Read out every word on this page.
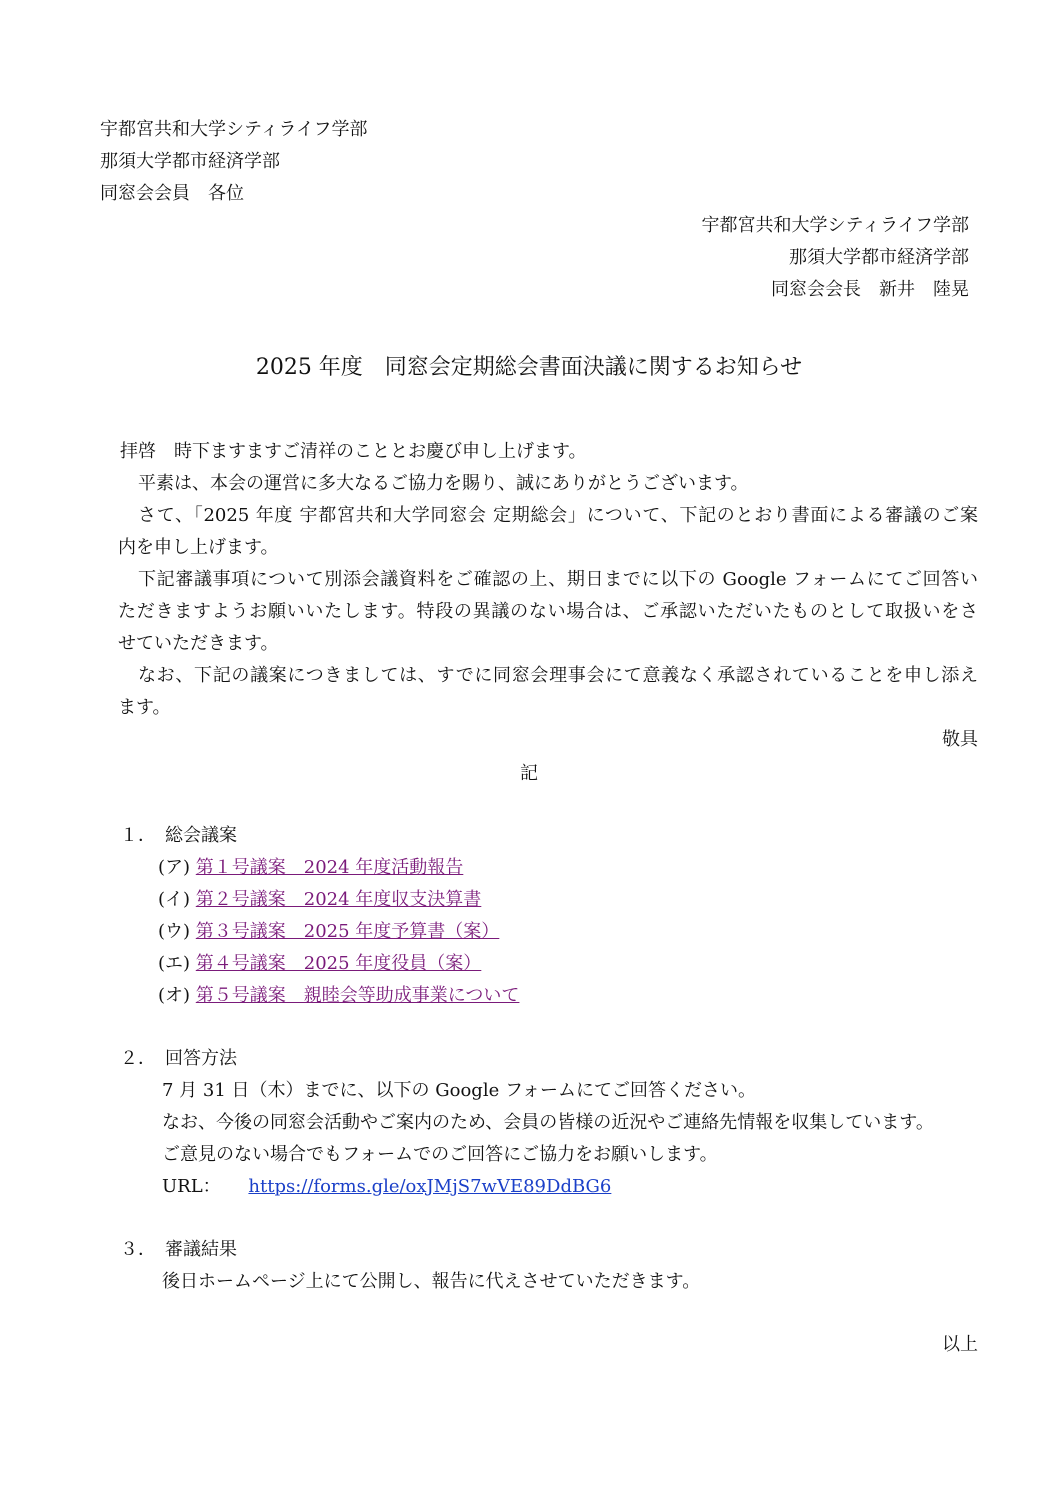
宇都宮共和大学シティライフ学部
那須大学都市経済学部
同窓会会員　各位
宇都宮共和大学シティライフ学部
那須大学都市経済学部
同窓会会長　新井　陸晃
2025 年度　同窓会定期総会書面決議に関するお知らせ
拝啓　時下ますますご清祥のこととお慶び申し上げます。
平素は、本会の運営に多大なるご協力を賜り、誠にありがとうございます。
さて、「2025 年度 宇都宮共和大学同窓会 定期総会」について、下記のとおり書面による審議のご案
内を申し上げます。
下記審議事項について別添会議資料をご確認の上、期日までに以下の Google フォームにてご回答い
ただきますようお願いいたします。特段の異議のない場合は、ご承認いただいたものとして取扱いをさ
せていただきます。
なお、下記の議案につきましては、すでに同窓会理事会にて意義なく承認されていることを申し添え
ます。
敬具
記
１．　総会議案
(ア) 第１号議案　2024 年度活動報告
(イ) 第２号議案　2024 年度収支決算書
(ウ) 第３号議案　2025 年度予算書（案）
(エ) 第４号議案　2025 年度役員（案）
(オ) 第５号議案　親睦会等助成事業について
２．　回答方法
7 月 31 日（木）までに、以下の Google フォームにてご回答ください。
なお、今後の同窓会活動やご案内のため、会員の皆様の近況やご連絡先情報を収集しています。
ご意見のない場合でもフォームでのご回答にご協力をお願いします。
URL： https://forms.gle/oxJMjS7wVE89DdBG6
３．　審議結果
後日ホームページ上にて公開し、報告に代えさせていただきます。
以上
